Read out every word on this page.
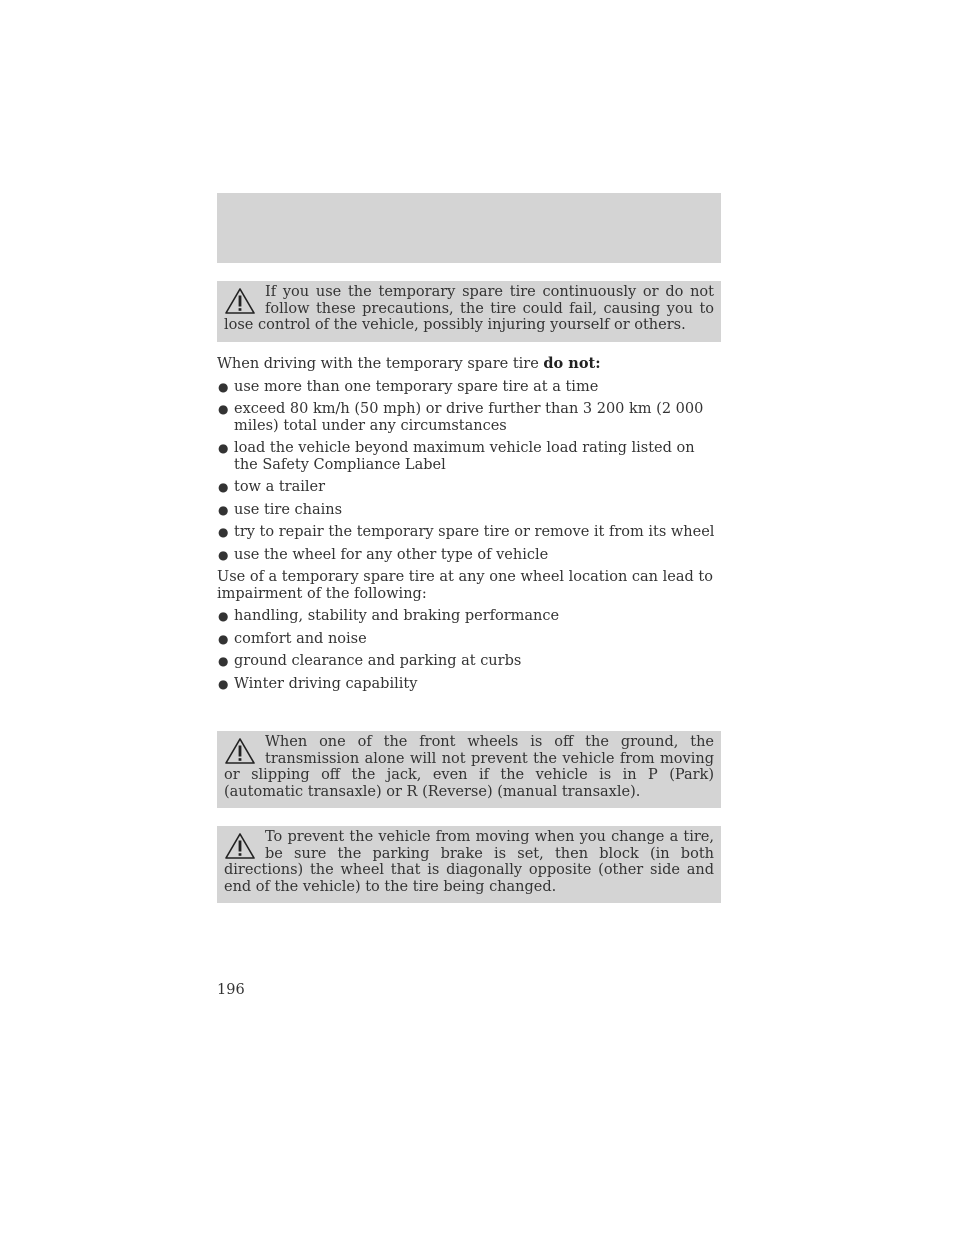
If you use the temporary spare tire continuously or do not follow these precautions, the tire could fail, causing you to lose control of the vehicle, possibly injuring yourself or others.

When driving with the temporary spare tire do not:

● use more than one temporary spare tire at a time
● exceed 80 km/h (50 mph) or drive further than 3 200 km (2 000 miles) total under any circumstances
● load the vehicle beyond maximum vehicle load rating listed on the Safety Compliance Label
● tow a trailer
● use tire chains
● try to repair the temporary spare tire or remove it from its wheel
● use the wheel for any other type of vehicle

Use of a temporary spare tire at any one wheel location can lead to impairment of the following:

● handling, stability and braking performance
● comfort and noise
● ground clearance and parking at curbs
● Winter driving capability
When one of the front wheels is off the ground, the transmission alone will not prevent the vehicle from moving or slipping off the jack, even if the vehicle is in P (Park) (automatic transaxle) or R (Reverse) (manual transaxle).
To prevent the vehicle from moving when you change a tire, be sure the parking brake is set, then block (in both directions) the wheel that is diagonally opposite (other side and end of the vehicle) to the tire being changed.
196
